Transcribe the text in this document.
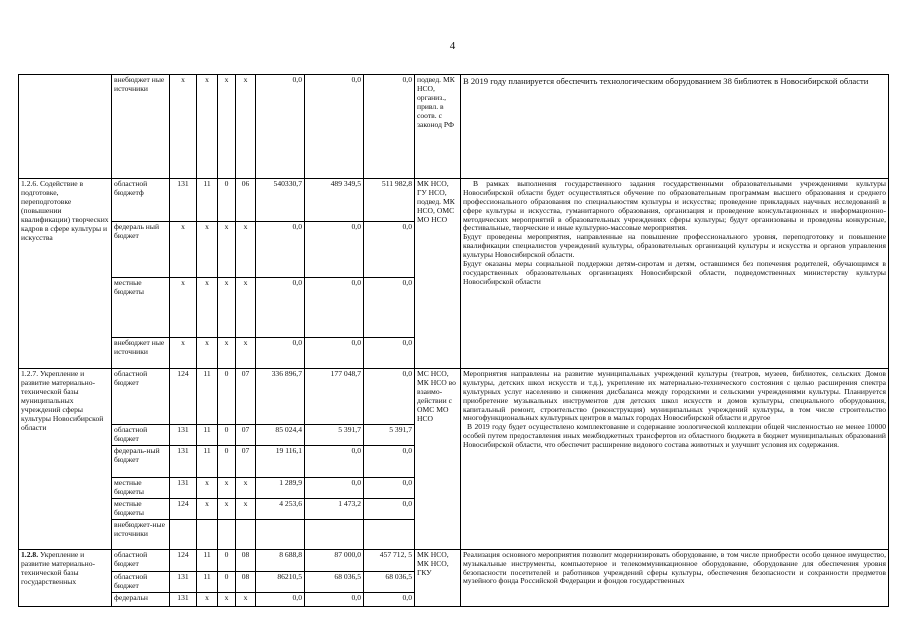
4
	внебюджет ные источники	х	х	х	х	0,0	0,0	0,0	подвед. МК НСО, организ., привл. в соотв. с законод РФ	В 2019 году планируется обеспечить технологическим оборудованием 38 библиотек в Новосибирской области
1.2.6. Содействие в подготовке, переподготовке (повышении квалификации) творческих кадров в сфере культуры и искусства	областной бюджетф	131	11	0	06	540330,7	489 349,5	511 982,8	МК НСО, ГУ НСО, подвед. МК НСО, ОМС МО НСО	В рамках выполнения государственного задания государственными образовательными учреждениями культуры Новосибирской области будет осуществляться обучение по образовательным программам высшего образования и среднего профессионального образования по специальностям культуры и искусства; проведение прикладных научных исследований в сфере культуры и искусства, гуманитарного образования, организация и проведение консультационных и информационно-методических мероприятий в образовательных учреждениях сферы культуры; будут организованы и проведены конкурсные, фестивальные, творческие и иные культурно-массовые мероприятия.

Будут проведены мероприятия, направленные на повышение профессионального уровня, переподготовку и повышение квалификации специалистов учреждений культуры, образовательных организаций культуры и искусства и органов управления культуры Новосибирской области.

Будут оказаны меры социальной поддержки детям-сиротам и детям, оставшимся без попечения родителей, обучающимся в государственных образовательных организациях Новосибирской области, подведомственных министерству культуры Новосибирской области

	федераль ный бюджет	х	х	х	х	0,0	0,0	0,0		
	местные бюджеты	х	х	х	х	0,0	0,0	0,0		
	внебюджет ные источники	х	х	х	х	0,0	0,0	0,0		
1.2.7. Укрепление и развитие материально-технической базы муниципальных учреждений сферы культуры Новосибирской области	областной бюджет	124	11	0	07	336 896,7	177 048,7	0,0	МС НСО, МК НСО во взаимо-действии с ОМС МО НСО	Мероприятия направлены на развитие муниципальных учреждений культуры (театров, музеев, библиотек, сельских Домов культуры, детских школ искусств и т.д.), укрепление их материально-технического состояния с целью расширения спектра культурных услуг населению и снижения дисбаланса между городскими и сельскими учреждениями культуры. Планируется приобретение музыкальных инструментов для детских школ искусств и домов культуры, специального оборудования, капитальный ремонт, строительство (реконструкция) муниципальных учреждений культуры, в том числе строительство многофункциональных культурных центров в малых городах Новосибирской области и другое

В 2019 году будет осуществлено комплектование и содержание зоологической коллекции общей численностью не менее 10000 особей путем предоставления иных межбюджетных трансфертов из областного бюджета в бюджет муниципальных образований Новосибирской области, что обеспечит расширение видового состава животных и улучшит условия их содержания.

	областной бюджет	131	11	0	07	85 024,4	5 391,7	5 391,7		
	федераль-ный бюджет	131	11	0	07	19 116,1	0,0	0,0		
	местные бюджеты	131	х	х	х	1 289,9	0,0	0,0		
	местные бюджеты	124	х	х	х	4 253,6	1 473,2	0,0		
	внебюджет-ные источники									
1.2.8. Укрепление и развитие материально-технической базы государственных	областной бюджет	124	11	0	08	8 688,8	87 000,0	457 712, 5	МК НСО, МК НСО, ГКУ	Реализация основного мероприятия позволит модернизировать оборудование, в том числе приобрести особо ценное имущество, музыкальные инструменты, компьютерное и телекоммуникационное оборудование, оборудование для обеспечения уровня безопасности посетителей и работников учреждений сферы культуры, обеспечения безопасности и сохранности предметов музейного фонда Российской Федерации и фондов государственных
	областной бюджет	131	11	0	08	86210,5	68 036,5	68 036,5		
	федеральн	131	х	х	х	0,0	0,0	0,0		
